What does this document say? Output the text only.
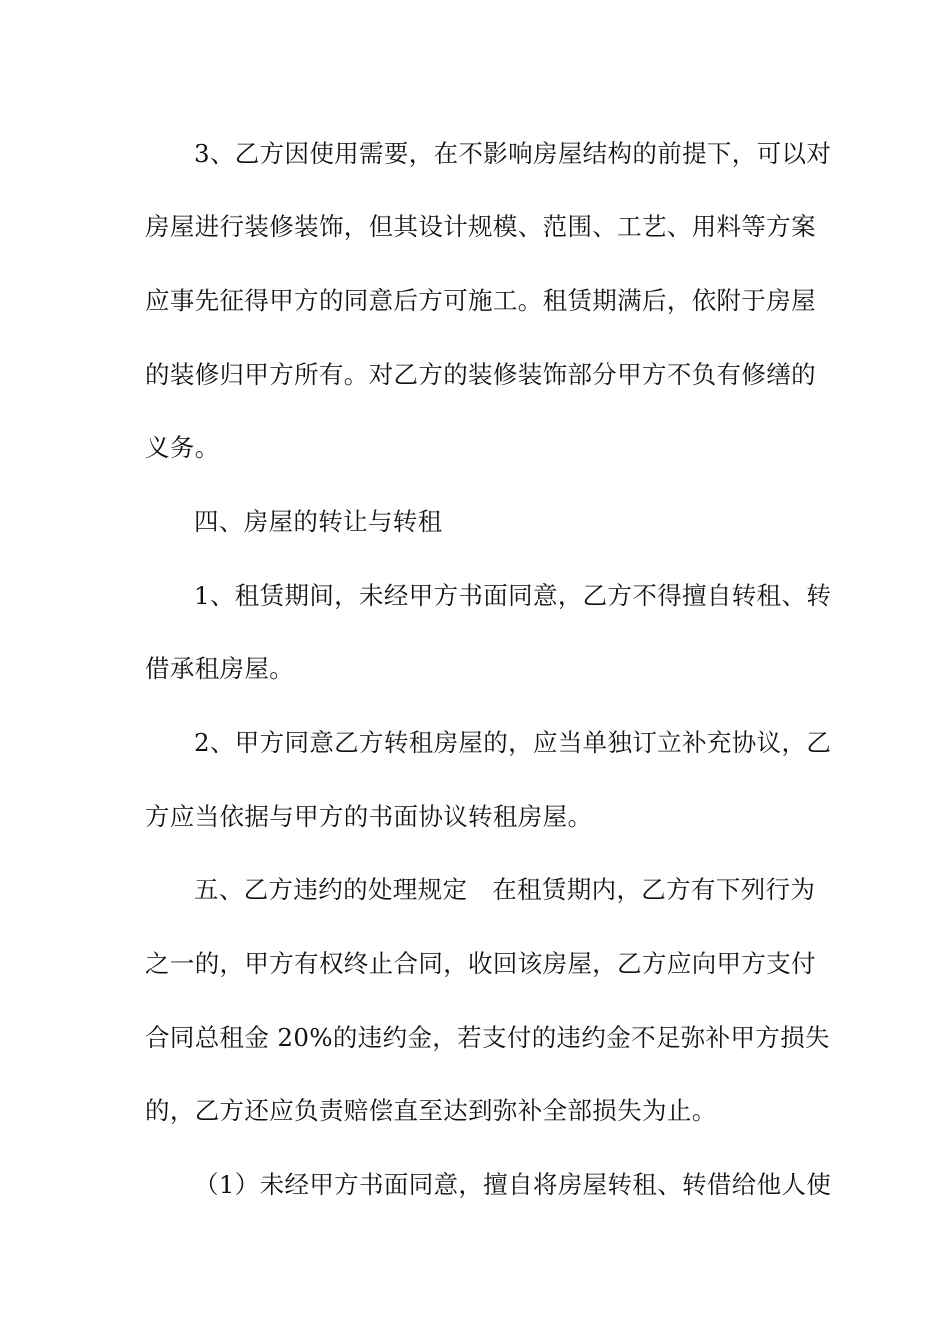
3、乙方因使用需要，在不影响房屋结构的前提下，可以对
房屋进行装修装饰，但其设计规模、范围、工艺、用料等方案
应事先征得甲方的同意后方可施工。租赁期满后，依附于房屋
的装修归甲方所有。对乙方的装修装饰部分甲方不负有修缮的
义务。
四、房屋的转让与转租
1、租赁期间，未经甲方书面同意，乙方不得擅自转租、转
借承租房屋。
2、甲方同意乙方转租房屋的，应当单独订立补充协议，乙
方应当依据与甲方的书面协议转租房屋。
五、乙方违约的处理规定　在租赁期内，乙方有下列行为
之一的，甲方有权终止合同，收回该房屋，乙方应向甲方支付
合同总租金 20%的违约金，若支付的违约金不足弥补甲方损失
的，乙方还应负责赔偿直至达到弥补全部损失为止。
（1）未经甲方书面同意，擅自将房屋转租、转借给他人使
